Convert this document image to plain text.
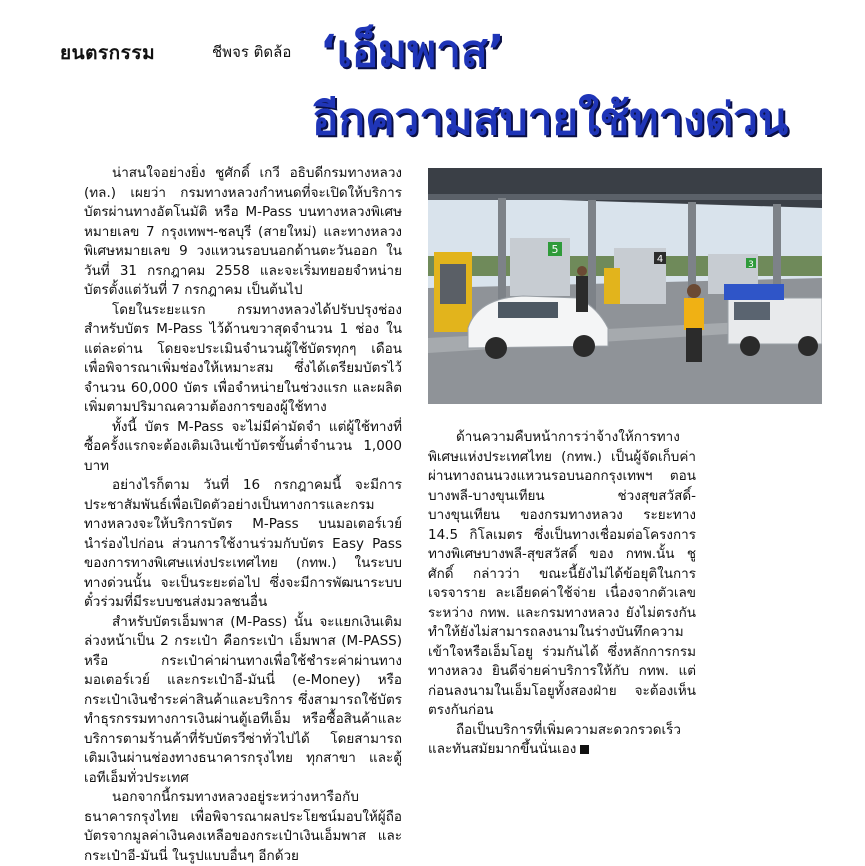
ยนตรกรรม	ชีพจร ติดล้อ ‘เอ็มพาส’
อีกความสบายใช้ทางด่วน

น่าสนใจอย่างยิ่ง ชูศักดิ์ เกวี อธิบดีกรมทางหลวง (ทล.) เผยว่า กรมทางหลวงกำหนดที่จะเปิดให้บริการบัตรผ่านทางอัตโนมัติ หรือ M-Pass บนทางหลวงพิเศษหมายเลข 7 กรุงเทพฯ-ชลบุรี (สายใหม่) และทางหลวงพิเศษหมายเลข 9 วงแหวนรอบนอกด้านตะวันออก ในวันที่ 31 กรกฎาคม 2558 และจะเริ่มทยอยจำหน่ายบัตรตั้งแต่วันที่ 7 กรกฎาคม เป็นต้นไป

โดยในระยะแรก กรมทางหลวงได้ปรับปรุงช่องสำหรับบัตร M-Pass ไว้ด้านขวาสุดจำนวน 1 ช่อง ในแต่ละด่าน โดยจะประเมินจำนวนผู้ใช้บัตรทุกๆ เดือน เพื่อพิจารณาเพิ่มช่องให้เหมาะสม ซึ่งได้เตรียมบัตรไว้จำนวน 60,000 บัตร เพื่อจำหน่ายในช่วงแรก และผลิตเพิ่มตามปริมาณความต้องการของผู้ใช้ทาง

ทั้งนี้ บัตร M-Pass จะไม่มีค่ามัดจำ แต่ผู้ใช้ทางที่ซื้อครั้งแรกจะต้องเติมเงินเข้าบัตรขั้นต่ำจำนวน 1,000 บาท

อย่างไรก็ตาม วันที่ 16 กรกฎาคมนี้ จะมีการประชาสัมพันธ์เพื่อเปิดตัวอย่างเป็นทางการและกรมทางหลวงจะให้บริการบัตร M-Pass บนมอเตอร์เวย์นำร่องไปก่อน ส่วนการใช้งานร่วมกับบัตร Easy Pass ของการทางพิเศษแห่งประเทศไทย (กทพ.) ในระบบทางด่วนนั้น จะเป็นระยะต่อไป ซึ่งจะมีการพัฒนาระบบตั๋วร่วมที่มีระบบชนส่งมวลชนอื่น

สำหรับบัตรเอ็มพาส (M-Pass) นั้น จะแยกเงินเติมล่วงหน้าเป็น 2 กระเป๋า คือกระเป๋า เอ็มพาส (M-PASS) หรือ กระเป๋าค่าผ่านทางเพื่อใช้ชำระค่าผ่านทางมอเตอร์เวย์ และกระเป๋าอี-มันนี่ (e-Money) หรือกระเป๋าเงินชำระค่าสินค้าและบริการ ซึ่งสามารถใช้บัตรทำธุรกรรมทางการเงินผ่านตู้เอทีเอ็ม หรือซื้อสินค้าและบริการตามร้านค้าที่รับบัตรวีซ่าทั่วไปได้ โดยสามารถเติมเงินผ่านช่องทางธนาคารกรุงไทย ทุกสาขา และตู้เอทีเอ็มทั่วประเทศ

นอกจากนี้กรมทางหลวงอยู่ระหว่างหารือกับธนาคารกรุงไทย เพื่อพิจารณาผลประโยชน์มอบให้ผู้ถือบัตรจากมูลค่าเงินคงเหลือของกระเป๋าเงินเอ็มพาส และกระเป๋าอี-มันนี่ ในรูปแบบอื่นๆ อีกด้วย

5
4	3

ด้านความคืบหน้าการว่าจ้างให้การทางพิเศษแห่งประเทศไทย (กทพ.) เป็นผู้จัดเก็บค่าผ่านทางถนนวงแหวนรอบนอกกรุงเทพฯ ตอนบางพลี-บางขุนเทียน ช่วงสุขสวัสดิ์-บางขุนเทียน ของกรมทางหลวง ระยะทาง 14.5 กิโลเมตร ซึ่งเป็นทางเชื่อมต่อโครงการทางพิเศษบางพลี-สุขสวัสดิ์ ของ กทพ.นั้น ชูศักดิ์ กล่าวว่า ขณะนี้ยังไม่ได้ข้อยุติในการเจรจาราย ละเอียดค่าใช้จ่าย เนื่องจากตัวเลขระหว่าง กทพ. และกรมทางหลวง ยังไม่ตรงกัน ทำให้ยังไม่สามารถลงนามในร่างบันทึกความเข้าใจหรือเอ็มโอยู ร่วมกันได้ ซึ่งหลักการกรมทางหลวง ยินดีจ่ายค่าบริการให้กับ กทพ. แต่ก่อนลงนามในเอ็มโอยูทั้งสองฝ่าย จะต้องเห็นตรงกันก่อน

ถือเป็นบริการที่เพิ่มความสะดวกรวดเร็ว และทันสมัยมากขึ้นนั่นเอง
